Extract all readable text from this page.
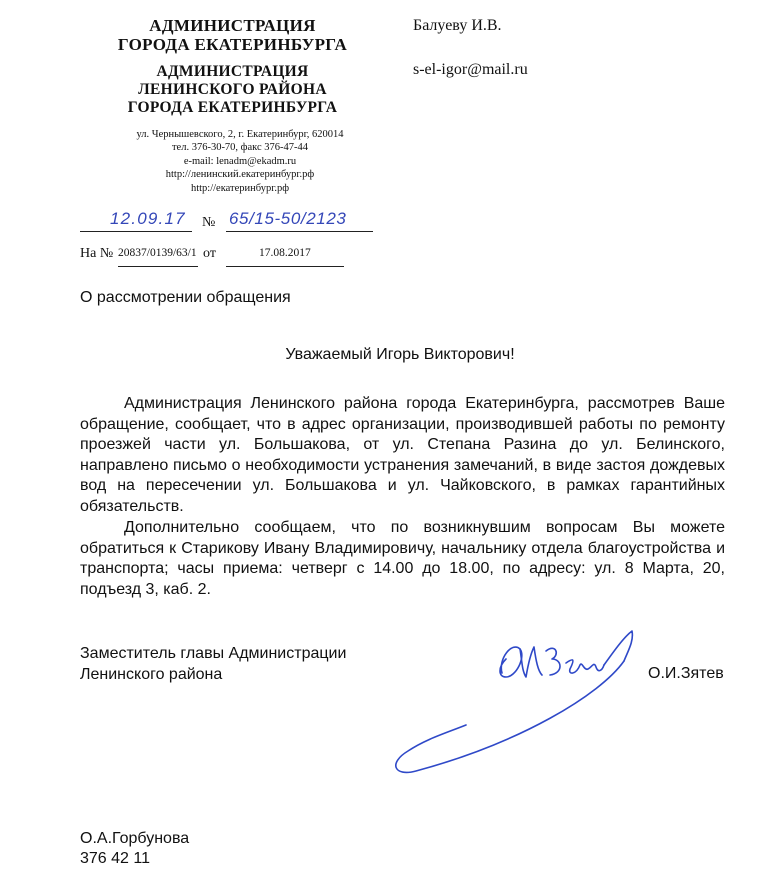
АДМИНИСТРАЦИЯ
ГОРОДА ЕКАТЕРИНБУРГА
АДМИНИСТРАЦИЯ
ЛЕНИНСКОГО РАЙОНА
ГОРОДА ЕКАТЕРИНБУРГА
ул. Чернышевского, 2, г. Екатеринбург, 620014
тел. 376-30-70, факс 376-47-44
e-mail: lenadm@ekadm.ru
http://ленинский.екатеринбург.рф
http://екатеринбург.рф
Балуеву И.В.
s-el-igor@mail.ru
12.09.17 № 65/15-50/2123
На № 20837/0139/63/1 от	17.08.2017
О рассмотрении обращения
Уважаемый Игорь Викторович!

Администрация Ленинского района города Екатеринбурга, рассмотрев Ваше обращение, сообщает, что в адрес организации, производившей работы по ремонту проезжей части ул. Большакова, от ул. Степана Разина до ул. Белинского, направлено письмо о необходимости устранения замечаний, в виде застоя дождевых вод на пересечении ул. Большакова и ул. Чайковского, в рамках гарантийных обязательств.

Дополнительно сообщаем, что по возникнувшим вопросам Вы можете обратиться к Старикову Ивану Владимировичу, начальнику отдела благоустройства и транспорта; часы приема: четверг с 14.00 до 18.00, по адресу: ул. 8 Марта, 20, подъезд 3, каб. 2.

Заместитель главы Администрации
Ленинского района	О.И.Зятев
О.А.Горбунова
376 42 11
